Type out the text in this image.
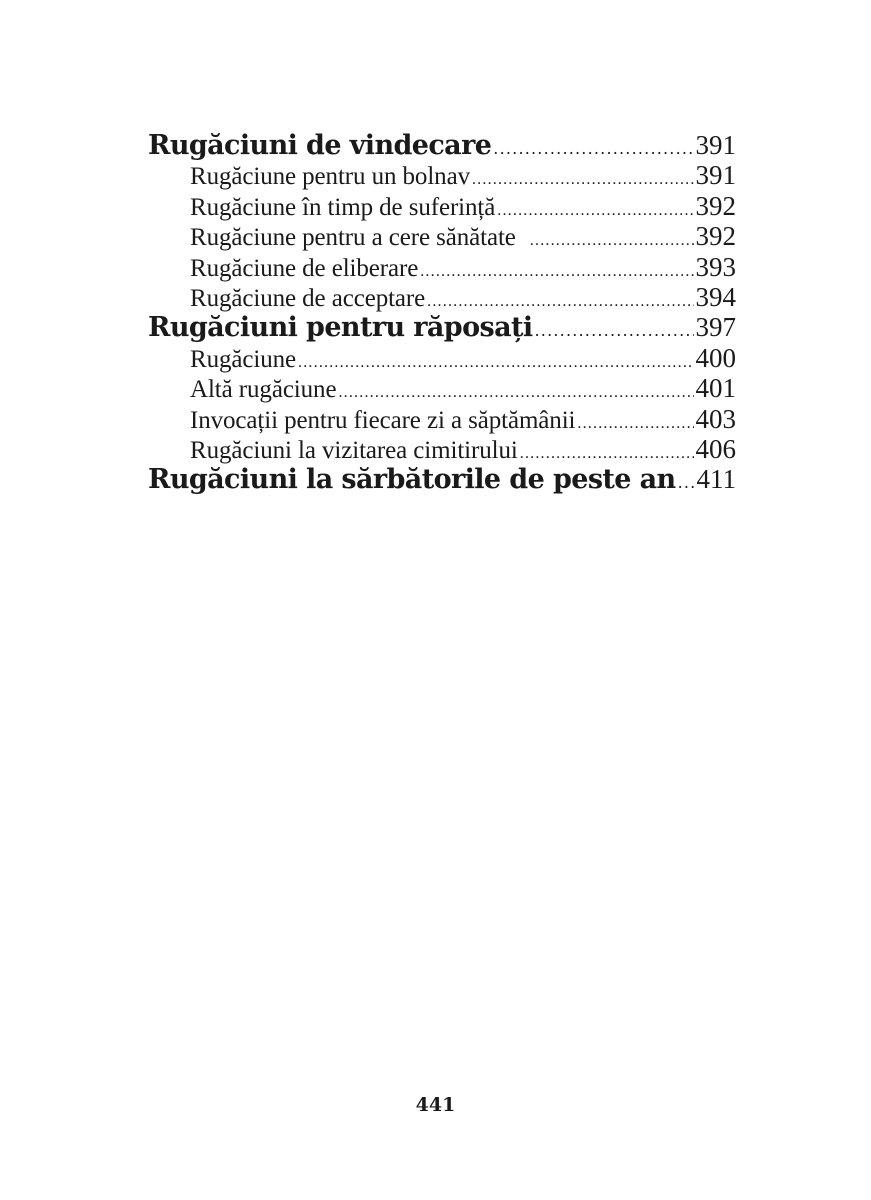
Rugăciuni de vindecare .....	391
Rugăciune pentru un bolnav .....	391
Rugăciune în timp de suferință .....	392
Rugăciune pentru a cere sănătate .....	392
Rugăciune de eliberare .....	393
Rugăciune de acceptare .....	394
Rugăciuni pentru răposați .....	397
Rugăciune .....	400
Altă rugăciune .....	401
Invocații pentru fiecare zi a săptămânii .....	403
Rugăciuni la vizitarea cimitirului .....	406
Rugăciuni la sărbătorile de peste an ..... 411
441
